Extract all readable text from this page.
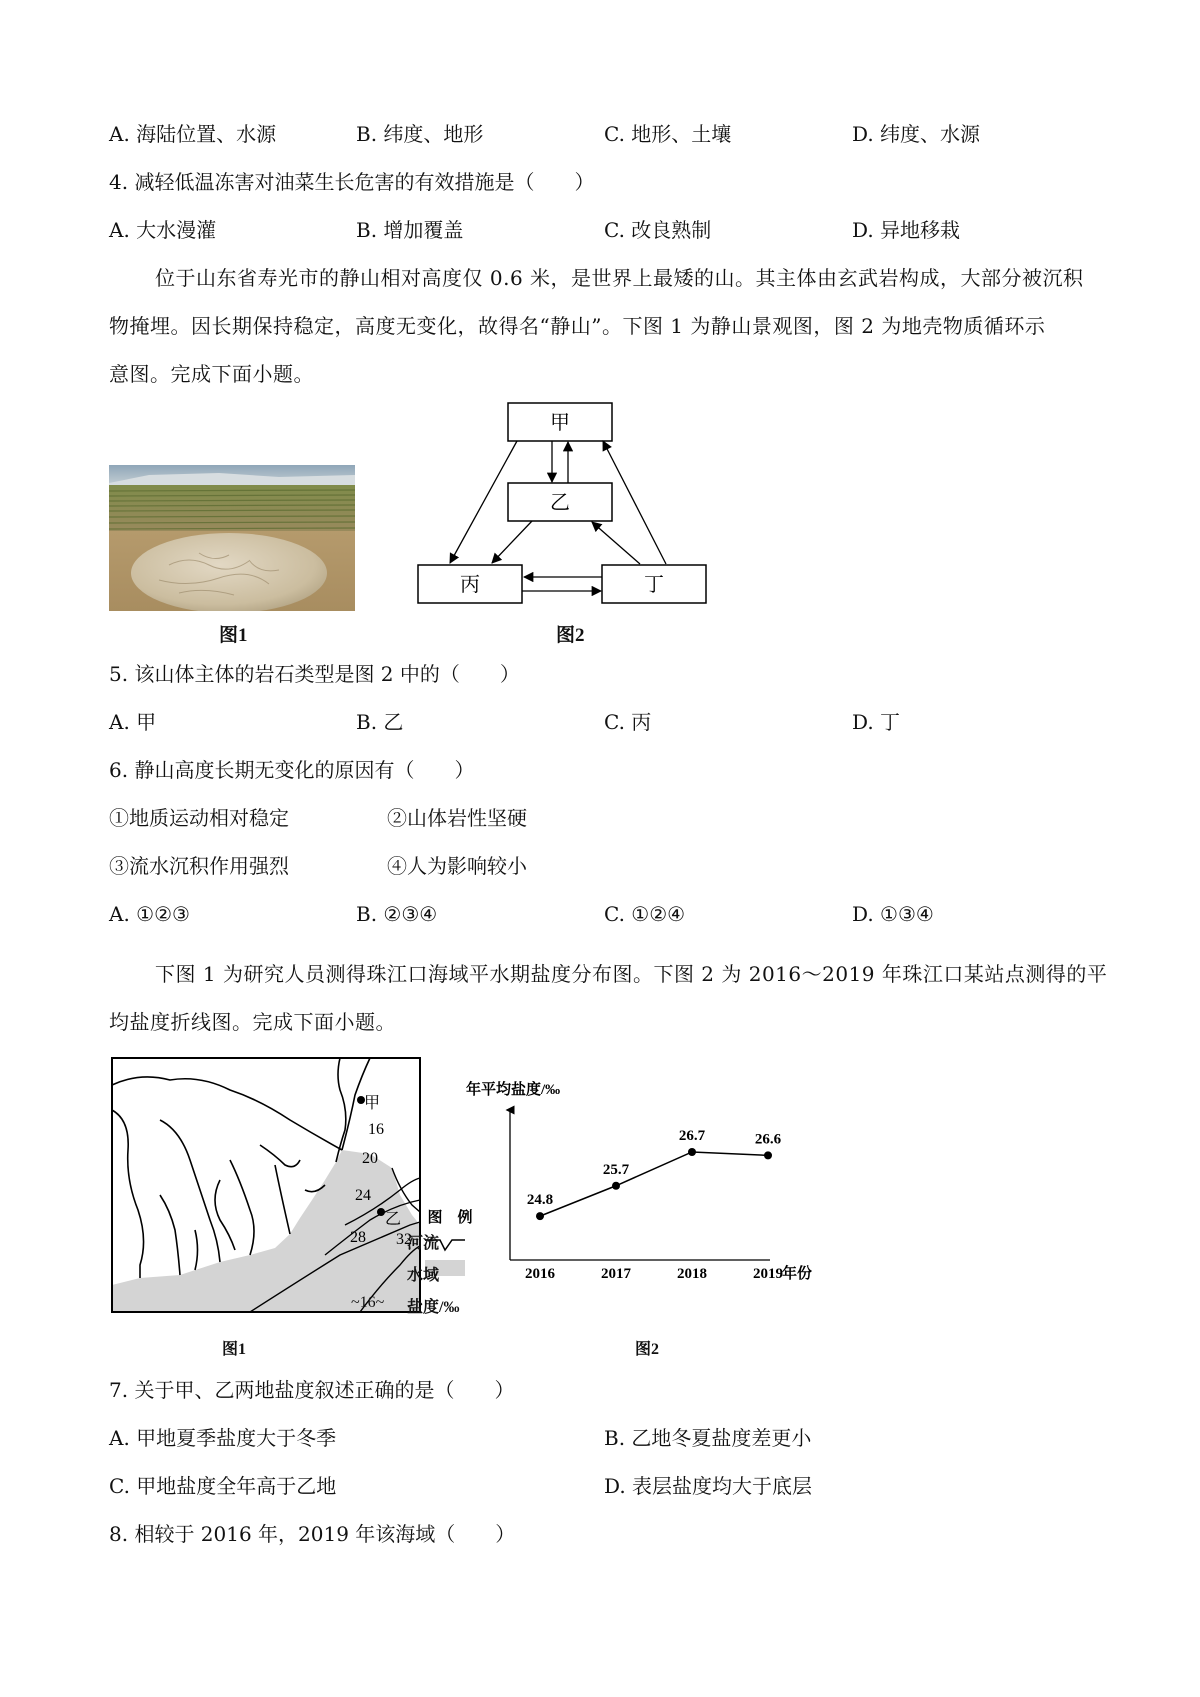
A. 海陆位置、水源	B. 纬度、地形	C. 地形、土壤	D. 纬度、水源
4. 减轻低温冻害对油菜生长危害的有效措施是（　　）
A. 大水漫灌	B. 增加覆盖	C. 改良熟制	D. 异地移栽
位于山东省寿光市的静山相对高度仅 0.6 米，是世界上最矮的山。其主体由玄武岩构成，大部分被沉积
物掩埋。因长期保持稳定，高度无变化，故得名“静山”。下图 1 为静山景观图，图 2 为地壳物质循环示
意图。完成下面小题。
图1
甲
乙
丙	丁
图2
5. 该山体主体的岩石类型是图 2 中的（　　）
A. 甲	B. 乙	C. 丙	D. 丁
6. 静山高度长期无变化的原因有（　　）
①地质运动相对稳定	②山体岩性坚硬
③流水沉积作用强烈	④人为影响较小
A. ①②③	B. ②③④	C. ①②④	D. ①③④
下图 1 为研究人员测得珠江口海域平水期盐度分布图。下图 2 为 2016～2019 年珠江口某站点测得的平
均盐度折线图。完成下面小题。
甲
乙
16
20
24
28 32
图　例
河流
水域
~16~ 盐度/‰
图1
年平均盐度/‰
年份
24.8
2016
25.7
2017
26.7
2018
26.6
2019
图2
7. 关于甲、乙两地盐度叙述正确的是（　　）
A. 甲地夏季盐度大于冬季	B. 乙地冬夏盐度差更小
C. 甲地盐度全年高于乙地	D. 表层盐度均大于底层
8. 相较于 2016 年，2019 年该海域（　　）
